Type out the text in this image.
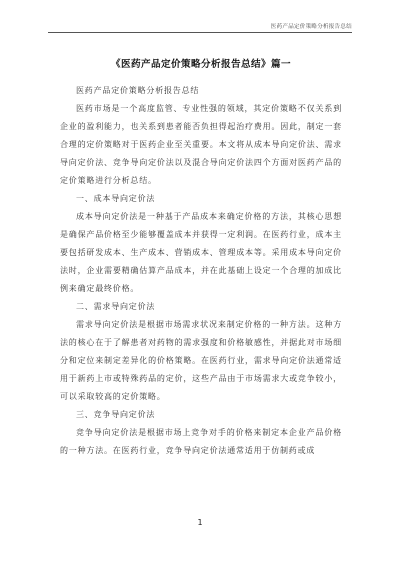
医药产品定价策略分析报告总结
《医药产品定价策略分析报告总结》篇一

医药产品定价策略分析报告总结

医药市场是一个高度监管、专业性强的领域，其定价策略不仅关系到企业的盈利能力，也关系到患者能否负担得起治疗费用。因此，制定一套合理的定价策略对于医药企业至关重要。本文将从成本导向定价法、需求导向定价法、竞争导向定价法以及混合导向定价法四个方面对医药产品的定价策略进行分析总结。

一、成本导向定价法

成本导向定价法是一种基于产品成本来确定价格的方法，其核心思想是确保产品价格至少能够覆盖成本并获得一定利润。在医药行业，成本主要包括研发成本、生产成本、营销成本、管理成本等。采用成本导向定价法时，企业需要精确估算产品成本，并在此基础上设定一个合理的加成比例来确定最终价格。

二、需求导向定价法

需求导向定价法是根据市场需求状况来制定价格的一种方法。这种方法的核心在于了解患者对药物的需求强度和价格敏感性，并据此对市场细分和定位来制定差异化的价格策略。在医药行业，需求导向定价法通常适用于新药上市或特殊药品的定价，这些产品由于市场需求大或竞争较小，可以采取较高的定价策略。

三、竞争导向定价法

竞争导向定价法是根据市场上竞争对手的价格来制定本企业产品价格的一种方法。在医药行业，竞争导向定价法通常适用于仿制药或成

1
